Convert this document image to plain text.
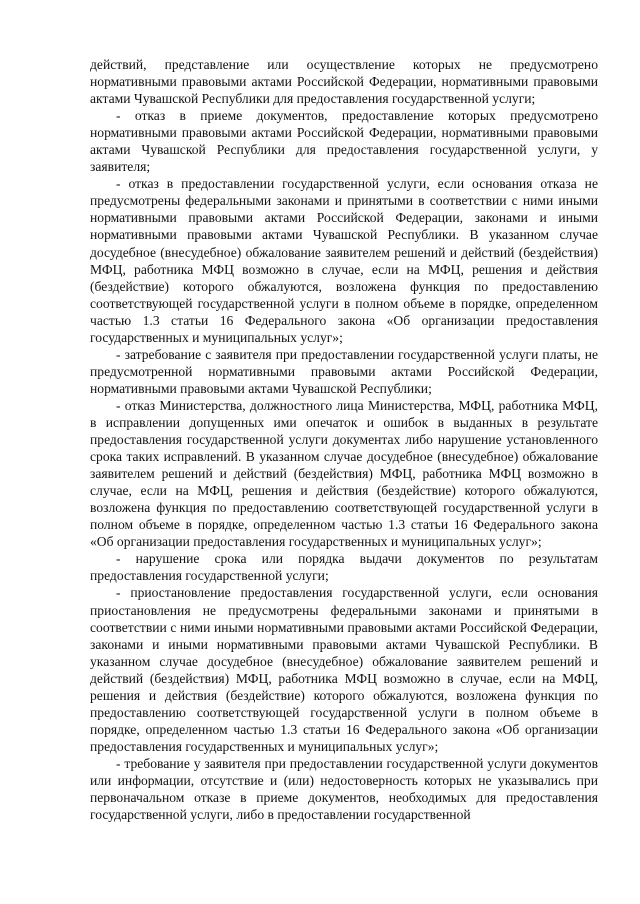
действий, представление или осуществление которых не предусмотрено нормативными правовыми актами Российской Федерации, нормативными правовыми актами Чувашской Республики для предоставления государственной услуги;

- отказ в приеме документов, предоставление которых предусмотрено нормативными правовыми актами Российской Федерации, нормативными правовыми актами Чувашской Республики для предоставления государственной услуги, у заявителя;

- отказ в предоставлении государственной услуги, если основания отказа не предусмотрены федеральными законами и принятыми в соответствии с ними иными нормативными правовыми актами Российской Федерации, законами и иными нормативными правовыми актами Чувашской Республики. В указанном случае досудебное (внесудебное) обжалование заявителем решений и действий (бездействия) МФЦ, работника МФЦ возможно в случае, если на МФЦ, решения и действия (бездействие) которого обжалуются, возложена функция по предоставлению соответствующей государственной услуги в полном объеме в порядке, определенном частью 1.3 статьи 16 Федерального закона «Об организации предоставления государственных и муниципальных услуг»;

- затребование с заявителя при предоставлении государственной услуги платы, не предусмотренной нормативными правовыми актами Российской Федерации, нормативными правовыми актами Чувашской Республики;

- отказ Министерства, должностного лица Министерства, МФЦ, работника МФЦ, в исправлении допущенных ими опечаток и ошибок в выданных в результате предоставления государственной услуги документах либо нарушение установленного срока таких исправлений. В указанном случае досудебное (внесудебное) обжалование заявителем решений и действий (бездействия) МФЦ, работника МФЦ возможно в случае, если на МФЦ, решения и действия (бездействие) которого обжалуются, возложена функция по предоставлению соответствующей государственной услуги в полном объеме в порядке, определенном частью 1.3 статьи 16 Федерального закона «Об организации предоставления государственных и муниципальных услуг»;

- нарушение срока или порядка выдачи документов по результатам предоставления государственной услуги;

- приостановление предоставления государственной услуги, если основания приостановления не предусмотрены федеральными законами и принятыми в соответствии с ними иными нормативными правовыми актами Российской Федерации, законами и иными нормативными правовыми актами Чувашской Республики. В указанном случае досудебное (внесудебное) обжалование заявителем решений и действий (бездействия) МФЦ, работника МФЦ возможно в случае, если на МФЦ, решения и действия (бездействие) которого обжалуются, возложена функция по предоставлению соответствующей государственной услуги в полном объеме в порядке, определенном частью 1.3 статьи 16 Федерального закона «Об организации предоставления государственных и муниципальных услуг»;

- требование у заявителя при предоставлении государственной услуги документов или информации, отсутствие и (или) недостоверность которых не указывались при первоначальном отказе в приеме документов, необходимых для предоставления государственной услуги, либо в предоставлении государственной
